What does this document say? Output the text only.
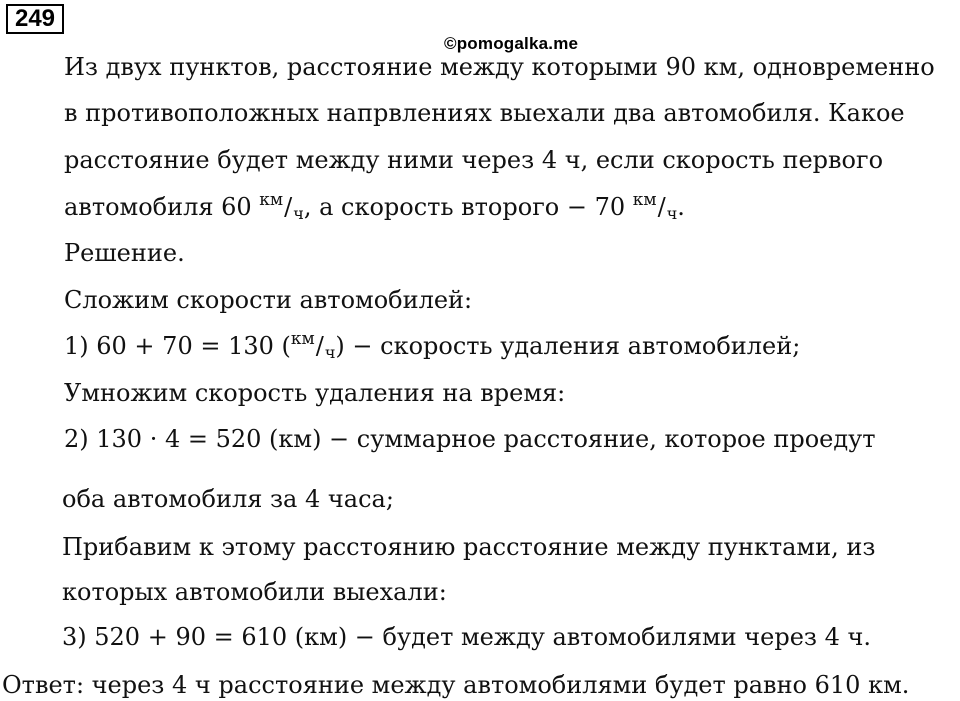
249
©pomogalka.me
Из двух пунктов, расстояние между которыми 90 км, одновременно
в противоположных напрвлениях выехали два автомобиля. Какое
расстояние будет между ними через 4 ч, если скорость первого
автомобиля 60 $^{км}$/ч, а скорость второго − 70 $^{км}$/ч.
Решение.
Сложим скорости автомобилей:
1) 60 + 70 = 130 ($^{км}$/ч) − скорость удаления автомобилей;
Умножим скорость удаления на время:
2) 130 · 4 = 520 (км) − суммарное расстояние, которое проедут
оба автомобиля за 4 часа;
Прибавим к этому расстоянию расстояние между пунктами, из
которых автомобили выехали:
3) 520 + 90 = 610 (км) − будет между автомобилями через 4 ч.
Ответ: через 4 ч расстояние между автомобилями будет равно 610 км.
